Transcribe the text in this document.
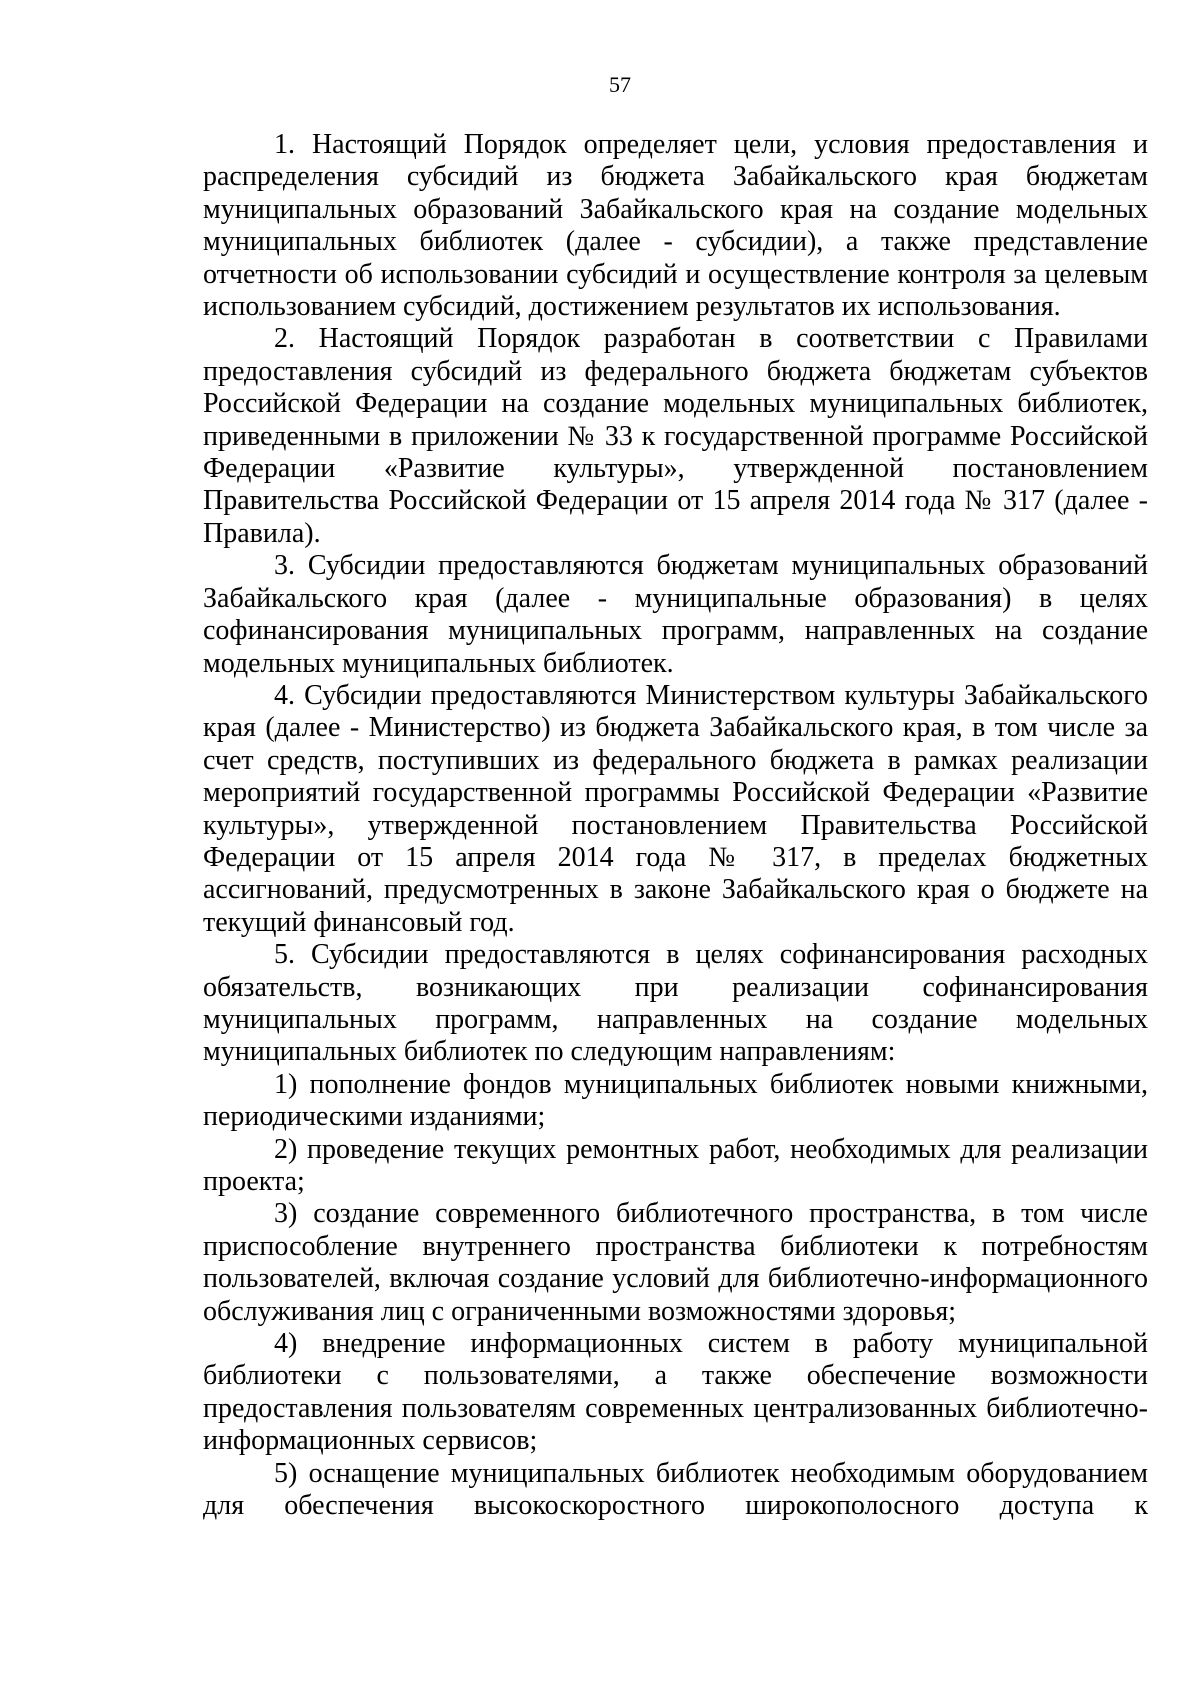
57

1. Настоящий Порядок определяет цели, условия предоставления и распределения субсидий из бюджета Забайкальского края бюджетам муниципальных образований Забайкальского края на создание модельных муниципальных библиотек (далее - субсидии), а также представление отчетности об использовании субсидий и осуществление контроля за целевым использованием субсидий, достижением результатов их использования.

2. Настоящий Порядок разработан в соответствии с Правилами предоставления субсидий из федерального бюджета бюджетам субъектов Российской Федерации на создание модельных муниципальных библиотек, приведенными в приложении № 33 к государственной программе Российской Федерации «Развитие культуры», утвержденной постановлением Правительства Российской Федерации от 15 апреля 2014 года № 317 (далее - Правила).

3. Субсидии предоставляются бюджетам муниципальных образований Забайкальского края (далее - муниципальные образования) в целях софинансирования муниципальных программ, направленных на создание модельных муниципальных библиотек.

4. Субсидии предоставляются Министерством культуры Забайкальского края (далее - Министерство) из бюджета Забайкальского края, в том числе за счет средств, поступивших из федерального бюджета в рамках реализации мероприятий государственной программы Российской Федерации «Развитие культуры», утвержденной постановлением Правительства Российской Федерации от 15 апреля 2014 года № 317, в пределах бюджетных ассигнований, предусмотренных в законе Забайкальского края о бюджете на текущий финансовый год.

5. Субсидии предоставляются в целях софинансирования расходных обязательств, возникающих при реализации софинансирования муниципальных программ, направленных на создание модельных муниципальных библиотек по следующим направлениям:

1) пополнение фондов муниципальных библиотек новыми книжными, периодическими изданиями;

2) проведение текущих ремонтных работ, необходимых для реализации проекта;

3) создание современного библиотечного пространства, в том числе приспособление внутреннего пространства библиотеки к потребностям пользователей, включая создание условий для библиотечно-информационного обслуживания лиц с ограниченными возможностями здоровья;

4) внедрение информационных систем в работу муниципальной библиотеки с пользователями, а также обеспечение возможности предоставления пользователям современных централизованных библиотечно-информационных сервисов;

5) оснащение муниципальных библиотек необходимым оборудованием для обеспечения высокоскоростного широкополосного доступа к
